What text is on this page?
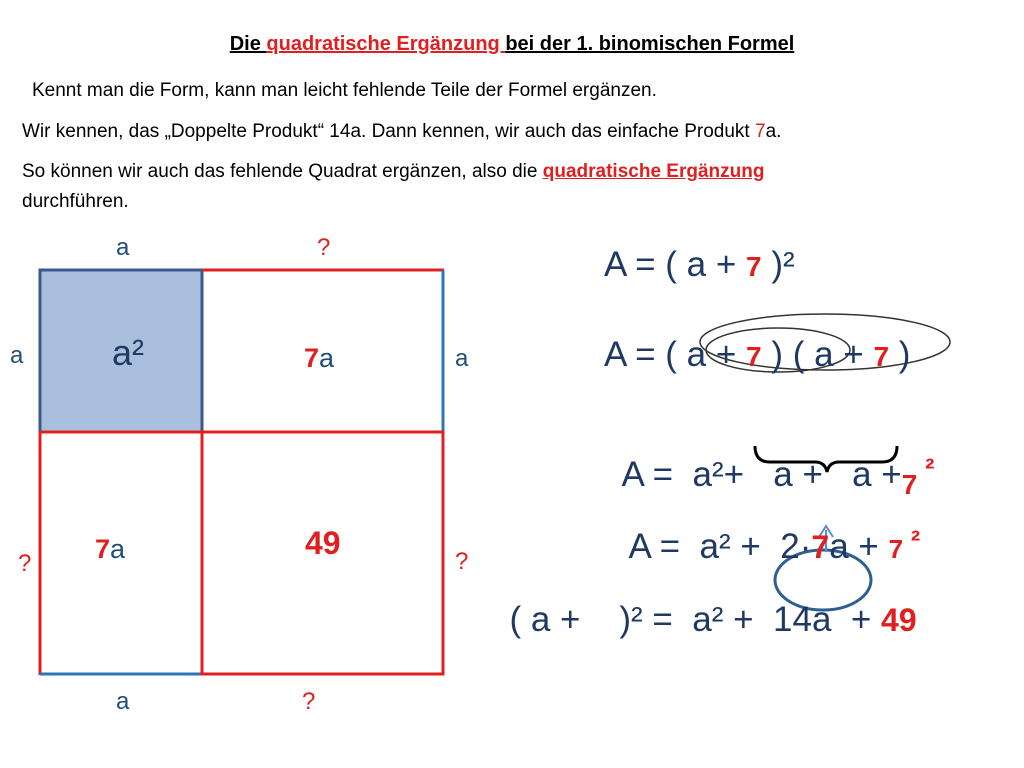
Die quadratische Ergänzung bei der 1. binomischen Formel
Kennt man die Form, kann man leicht fehlende Teile der Formel ergänzen.
Wir kennen, das „Doppelte Produkt“ 14a. Dann kennen, wir auch das einfache Produkt 7a.
So können wir auch das fehlende Quadrat ergänzen, also die quadratische Ergänzung
durchführen.
a	?
a
?
a
?
a	?
a²	7a
7a	49
A = ( a + 7 )²
A = ( a + 7 ) ( a + 7 )

$A = a^2+ a + a +_7$ $^{^2}$

A =  a² +  2·7a + 7 $^{^2}$

( a +    )² =  a² +  14a  + 49
